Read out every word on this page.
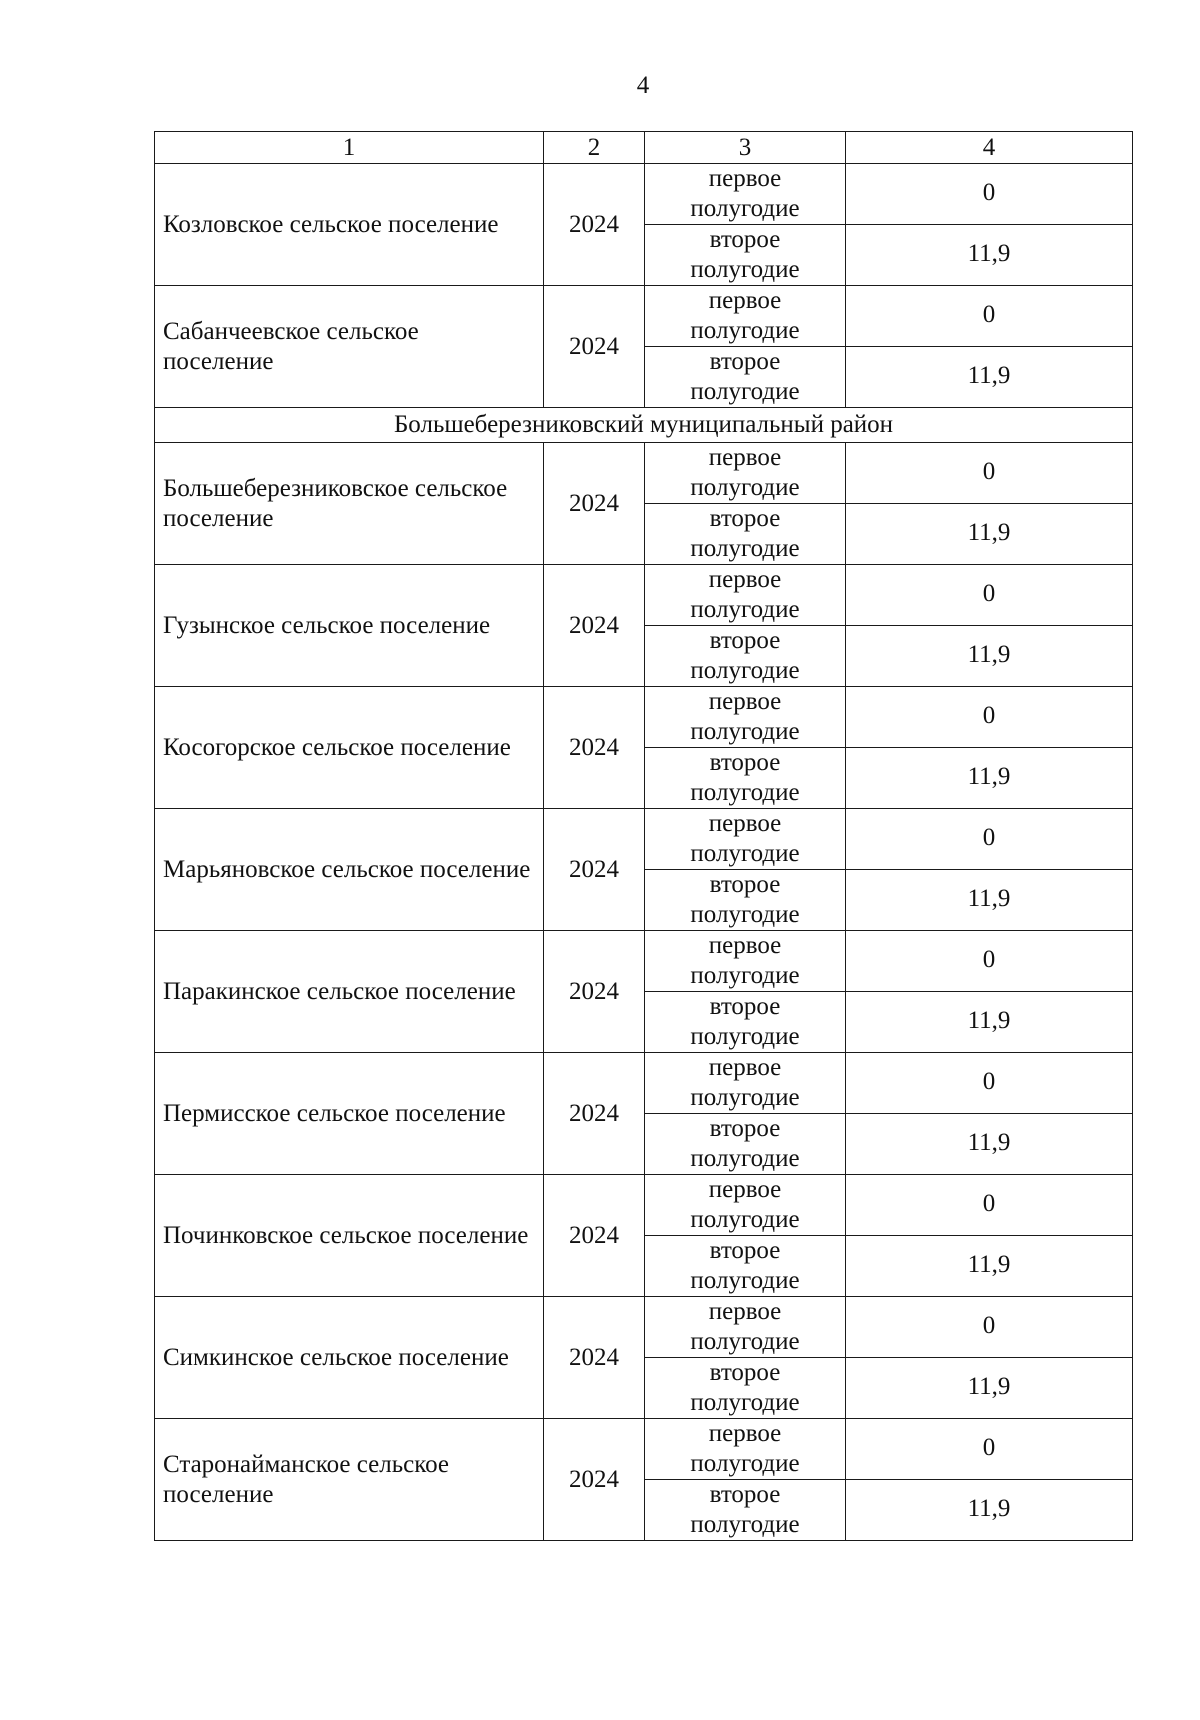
4
1	2	3	4
Козловское сельское поселение	2024	первое полугодие	0
		второе полугодие	11,9
Сабанчеевское сельское поселение	2024	первое полугодие	0
		второе полугодие	11,9
Большеберезниковский муниципальный район			
Большеберезниковское сельское поселение	2024	первое полугодие	0
		второе полугодие	11,9
Гузынское сельское поселение	2024	первое полугодие	0
		второе полугодие	11,9
Косогорское сельское поселение	2024	первое полугодие	0
		второе полугодие	11,9
Марьяновское сельское поселение	2024	первое полугодие	0
		второе полугодие	11,9
Паракинское сельское поселение	2024	первое полугодие	0
		второе полугодие	11,9
Пермисское сельское поселение	2024	первое полугодие	0
		второе полугодие	11,9
Починковское сельское поселение	2024	первое полугодие	0
		второе полугодие	11,9
Симкинское сельское поселение	2024	первое полугодие	0
		второе полугодие	11,9
Старонайманское сельское поселение	2024	первое полугодие	0
		второе полугодие	11,9
